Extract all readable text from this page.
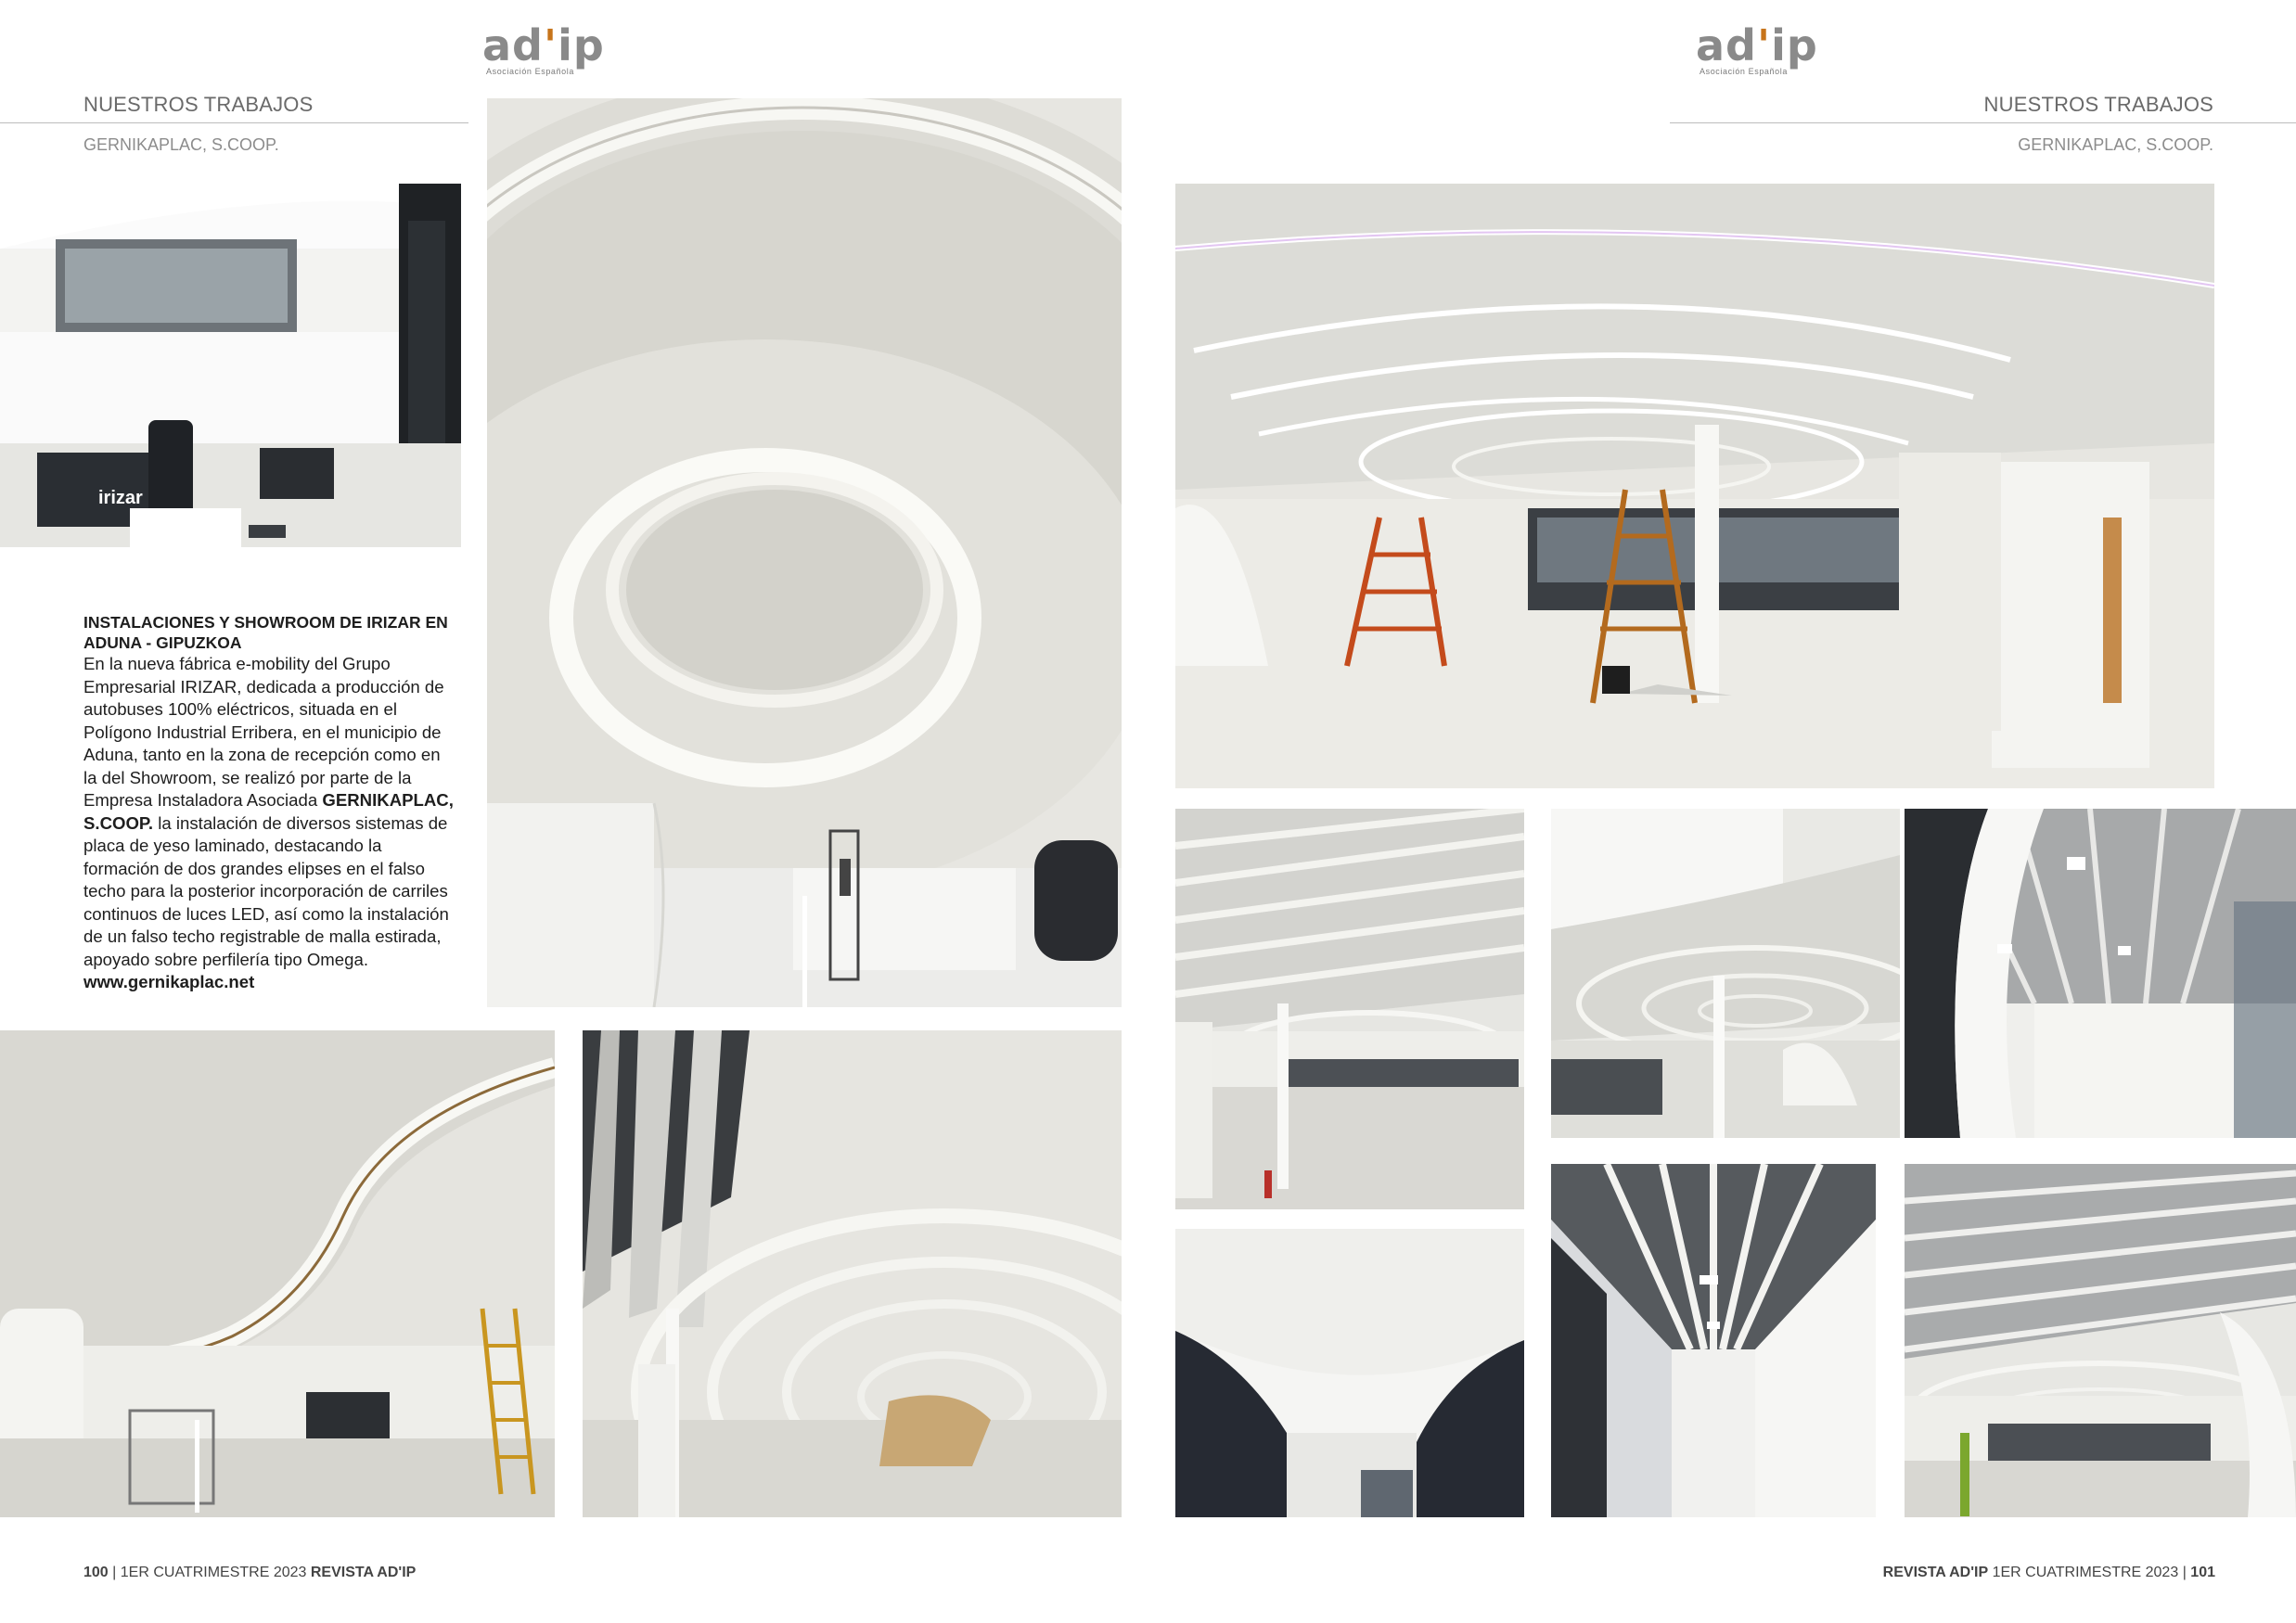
ad'ip
Asociación Española
ad'ip
Asociación Española
NUESTROS TRABAJOS
GERNIKAPLAC, S.COOP.
NUESTROS TRABAJOS
GERNIKAPLAC, S.COOP.
irizar
INSTALACIONES Y SHOWROOM DE IRIZAR EN ADUNA - GIPUZKOA
En la nueva fábrica e-mobility del Grupo Empresarial IRIZAR, dedicada a producción de autobuses 100% eléctricos, situada en el Polígono Industrial Erribera, en el municipio de Aduna, tanto en la zona de recepción como en la del Showroom, se realizó por parte de la Empresa Instaladora Asociada GERNIKAPLAC, S.COOP. la instalación de diversos sistemas de placa de yeso laminado, destacando la formación de dos grandes elipses en el falso techo para la posterior incorporación de carriles continuos de luces LED, así como la instalación de un falso techo registrable de malla estirada, apoyado sobre perfilería tipo Omega.
www.gernikaplac.net
100 | 1ER CUATRIMESTRE 2023 REVISTA AD'IP	REVISTA AD'IP 1ER CUATRIMESTRE 2023 | 101
